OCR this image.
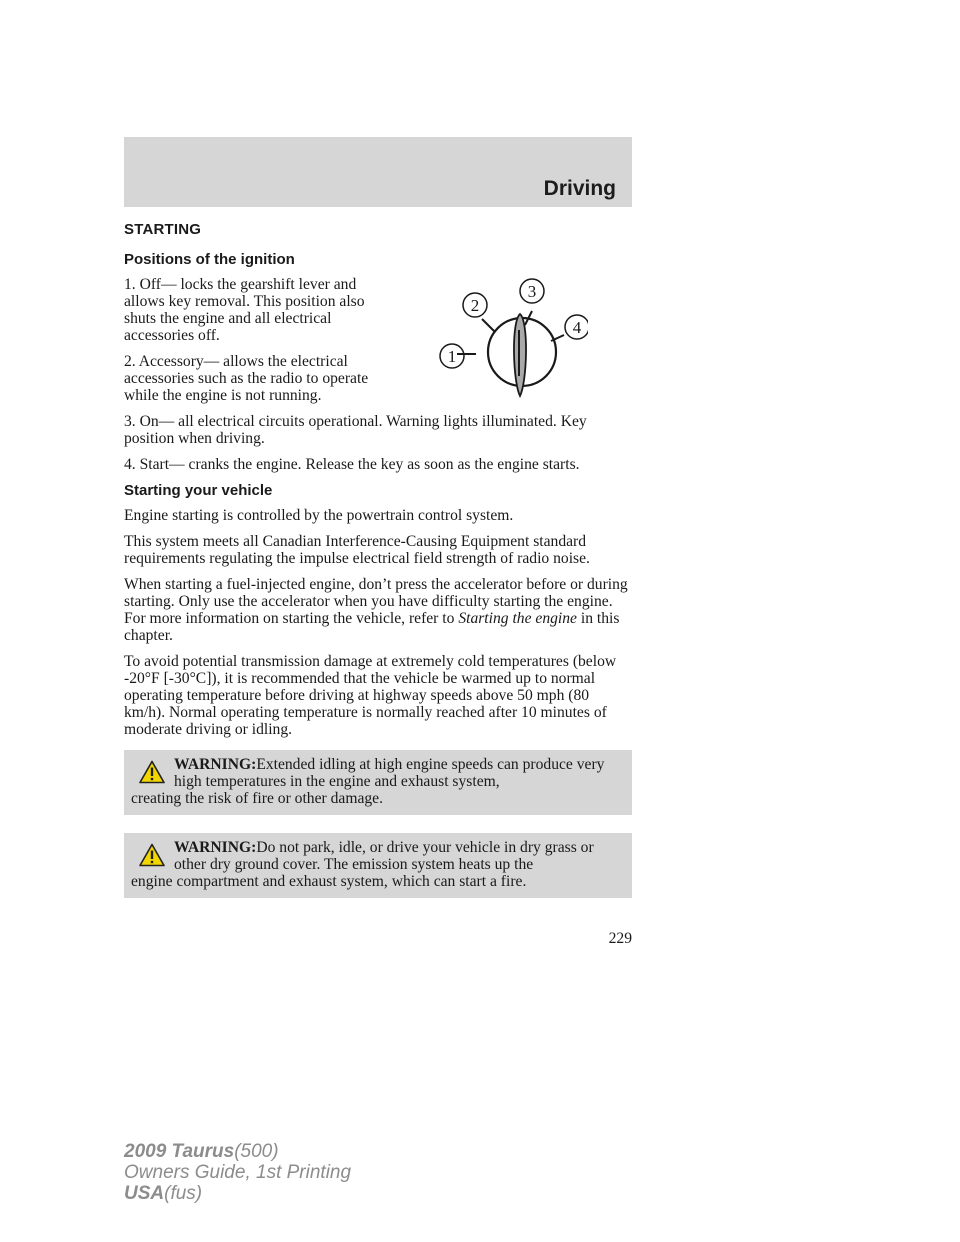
Driving
STARTING
Positions of the ignition

1. Off— locks the gearshift lever and allows key removal. This position also shuts the engine and all electrical accessories off.

2. Accessory— allows the electrical accessories such as the radio to operate while the engine is not running.

3. On— all electrical circuits operational. Warning lights illuminated. Key position when driving.

4. Start— cranks the engine. Release the key as soon as the engine starts.

Starting your vehicle

Engine starting is controlled by the powertrain control system.

This system meets all Canadian Interference-Causing Equipment standard requirements regulating the impulse electrical field strength of radio noise.

When starting a fuel-injected engine, don’t press the accelerator before or during starting. Only use the accelerator when you have difficulty starting the engine. For more information on starting the vehicle, refer to Starting the engine in this chapter.

To avoid potential transmission damage at extremely cold temperatures (below -20°F [-30°C]), it is recommended that the vehicle be warmed up to normal operating temperature before driving at highway speeds above 50 mph (80 km/h). Normal operating temperature is normally reached after 10 minutes of moderate driving or idling.

WARNING:Extended idling at high engine speeds can produce very high temperatures in the engine and exhaust system,

creating the risk of fire or other damage.

WARNING:Do not park, idle, or drive your vehicle in dry grass or other dry ground cover. The emission system heats up the

engine compartment and exhaust system, which can start a fire.

1
2
3
4
229
2009 Taurus(500)
Owners Guide, 1st Printing
USA(fus)
